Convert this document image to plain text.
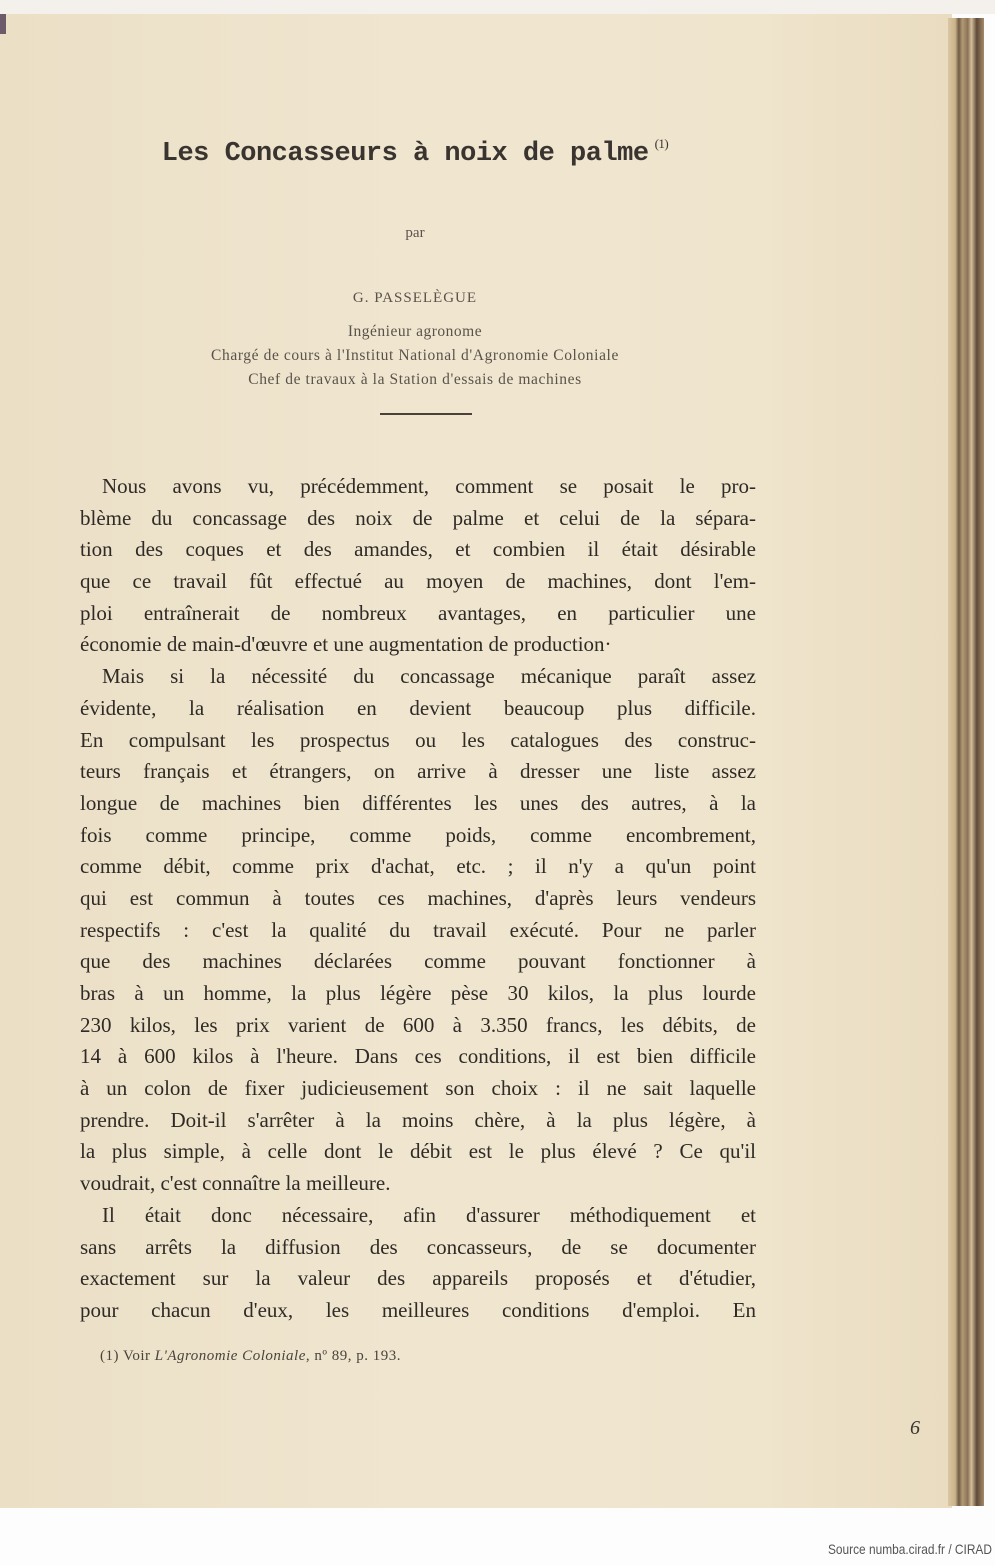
Les Concasseurs à noix de palme $^{(1)}$
par
G. PASSELÈGUE
Ingénieur agronome
Chargé de cours à l'Institut National d'Agronomie Coloniale
Chef de travaux à la Station d'essais de machines
Nous avons vu, précédemment, comment se posait le pro-
blème du concassage des noix de palme et celui de la sépara-
tion des coques et des amandes, et combien il était désirable
que ce travail fût effectué au moyen de machines, dont l'em-
ploi entraînerait de nombreux avantages, en particulier une
économie de main-d'œuvre et une augmentation de production·
Mais si la nécessité du concassage mécanique paraît assez
évidente, la réalisation en devient beaucoup plus difficile.
En compulsant les prospectus ou les catalogues des construc-
teurs français et étrangers, on arrive à dresser une liste assez
longue de machines bien différentes les unes des autres, à la
fois comme principe, comme poids, comme encombrement,
comme débit, comme prix d'achat, etc. ; il n'y a qu'un point
qui est commun à toutes ces machines, d'après leurs vendeurs
respectifs : c'est la qualité du travail exécuté. Pour ne parler
que des machines déclarées comme pouvant fonctionner à
bras à un homme, la plus légère pèse 30 kilos, la plus lourde
230 kilos, les prix varient de 600 à 3.350 francs, les débits, de
14 à 600 kilos à l'heure. Dans ces conditions, il est bien difficile
à un colon de fixer judicieusement son choix : il ne sait laquelle
prendre. Doit-il s'arrêter à la moins chère, à la plus légère, à
la plus simple, à celle dont le débit est le plus élevé ? Ce qu'il
voudrait, c'est connaître la meilleure.
Il était donc nécessaire, afin d'assurer méthodiquement et
sans arrêts la diffusion des concasseurs, de se documenter
exactement sur la valeur des appareils proposés et d'étudier,
pour chacun d'eux, les meilleures conditions d'emploi. En
(1) Voir L'Agronomie Coloniale, nº 89, p. 193.
6
Source numba.cirad.fr / CIRAD
